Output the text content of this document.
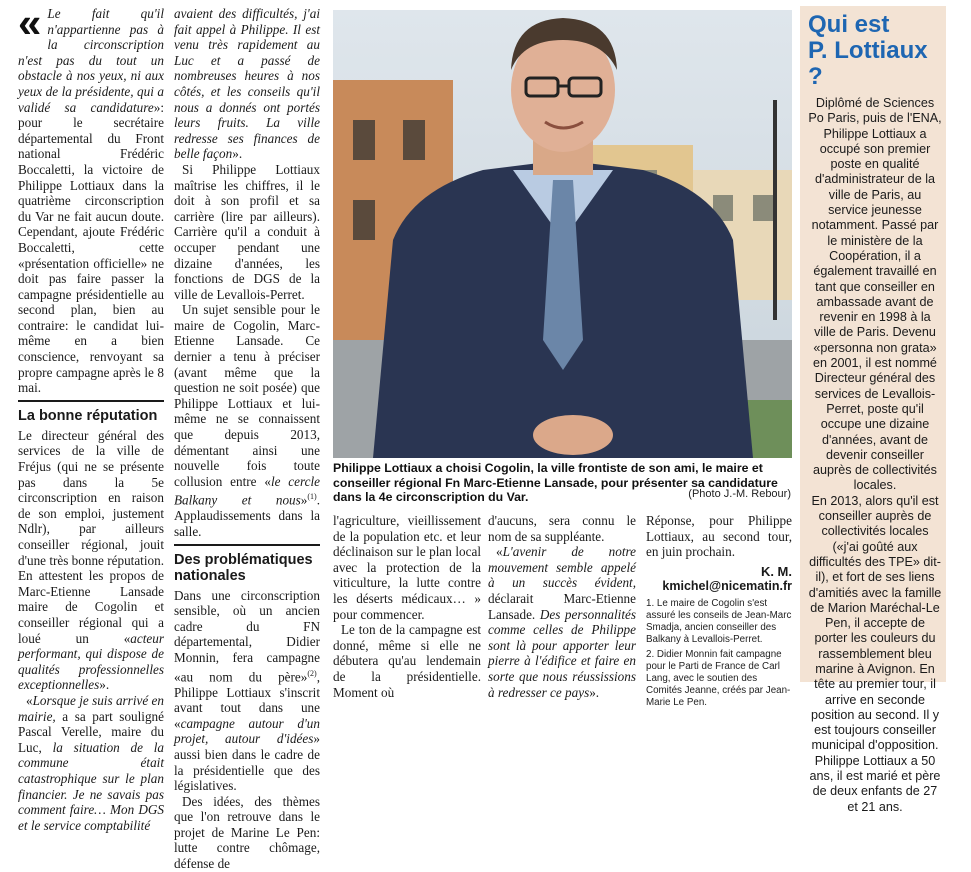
« Le fait qu'il n'appartienne pas à la circonscription n'est pas du tout un obstacle à nos yeux, ni aux yeux de la présidente, qui a validé sa candidature»: pour le secrétaire départemental du Front national Frédéric Boccaletti, la victoire de Philippe Lottiaux dans la quatrième circonscription du Var ne fait aucun doute. Cependant, ajoute Frédéric Boccaletti, cette «présentation officielle» ne doit pas faire passer la campagne présidentielle au second plan, bien au contraire: le candidat lui-même en a bien conscience, renvoyant sa propre campagne après le 8 mai.

La bonne réputation

Le directeur général des services de la ville de Fréjus (qui ne se présente pas dans la 5e circonscription en raison de son emploi, justement Ndlr), par ailleurs conseiller régional, jouit d'une très bonne réputation. En attestent les propos de Marc-Etienne Lansade maire de Cogolin et conseiller régional qui a loué un «acteur performant, qui dispose de qualités professionnelles exceptionnelles».

«Lorsque je suis arrivé en mairie, a sa part souligné Pascal Verelle, maire du Luc, la situation de la commune était catastrophique sur le plan financier. Je ne savais pas comment faire… Mon DGS et le service comptabilité

avaient des difficultés, j'ai fait appel à Philippe. Il est venu très rapidement au Luc et a passé de nombreuses heures à nos côtés, et les conseils qu'il nous a donnés ont portés leurs fruits. La ville redresse ses finances de belle façon».

Si Philippe Lottiaux maîtrise les chiffres, il le doit à son profil et sa carrière (lire par ailleurs). Carrière qu'il a conduit à occuper pendant une dizaine d'années, les fonctions de DGS de la ville de Levallois-Perret.

Un sujet sensible pour le maire de Cogolin, Marc-Etienne Lansade. Ce dernier a tenu à préciser (avant même que la question ne soit posée) que Philippe Lottiaux et lui-même ne se connaissent que depuis 2013, démentant ainsi une nouvelle fois toute collusion entre «le cercle Balkany et nous»$^{(1)}$. Applaudissements dans la salle.

Des problématiques nationales

Dans une circonscription sensible, où un ancien cadre du FN départemental, Didier Monnin, fera campagne «au nom du père»$^{(2)}$, Philippe Lottiaux s'inscrit avant tout dans une «campagne autour d'un projet, autour d'idées» aussi bien dans le cadre de la présidentielle que des législatives.

Des idées, des thèmes que l'on retrouve dans le projet de Marine Le Pen: lutte contre chômage, défense de

Philippe Lottiaux a choisi Cogolin, la ville frontiste de son ami, le maire et conseiller régional Fn Marc-Etienne Lansade, pour présenter sa candidature dans la 4e circonscription du Var.	(Photo J.-M. Rebour)

l'agriculture, vieillissement de la population etc. et leur déclinaison sur le plan local avec la protection de la viticulture, la lutte contre les déserts médicaux… » pour commencer.

Le ton de la campagne est donné, même si elle ne débutera qu'au lendemain de la présidentielle. Moment où

d'aucuns, sera connu le nom de sa suppléante.

«L'avenir de notre mouvement semble appelé à un succès évident, déclarait Marc-Etienne Lansade. Des personnalités comme celles de Philippe sont là pour apporter leur pierre à l'édifice et faire en sorte que nous réussissions à redresser ce pays».

Réponse, pour Philippe Lottiaux, au second tour, en juin prochain.

K. M.
kmichel@nicematin.fr
1. Le maire de Cogolin s'est assuré les conseils de Jean-Marc Smadja, ancien conseiller des Balkany à Levallois-Perret.
2. Didier Monnin fait campagne pour le Parti de France de Carl Lang, avec le soutien des Comités Jeanne, créés par Jean-Marie Le Pen.
Qui est
P. Lottiaux ?

Diplômé de Sciences Po Paris, puis de l'ENA, Philippe Lottiaux a occupé son premier poste en qualité d'administrateur de la ville de Paris, au service jeunesse notamment. Passé par le ministère de la Coopération, il a également travaillé en tant que conseiller en ambassade avant de revenir en 1998 à la ville de Paris. Devenu «personna non grata» en 2001, il est nommé Directeur général des services de Levallois-Perret, poste qu'il occupe une dizaine d'années, avant de devenir conseiller auprès de collectivités locales.

En 2013, alors qu'il est conseiller auprès de collectivités locales («j'ai goûté aux difficultés des TPE» dit-il), et fort de ses liens d'amitiés avec la famille de Marion Maréchal-Le Pen, il accepte de porter les couleurs du rassemblement bleu marine à Avignon. En tête au premier tour, il arrive en seconde position au second. Il y est toujours conseiller municipal d'opposition.

Philippe Lottiaux a 50 ans, il est marié et père de deux enfants de 27 et 21 ans.
